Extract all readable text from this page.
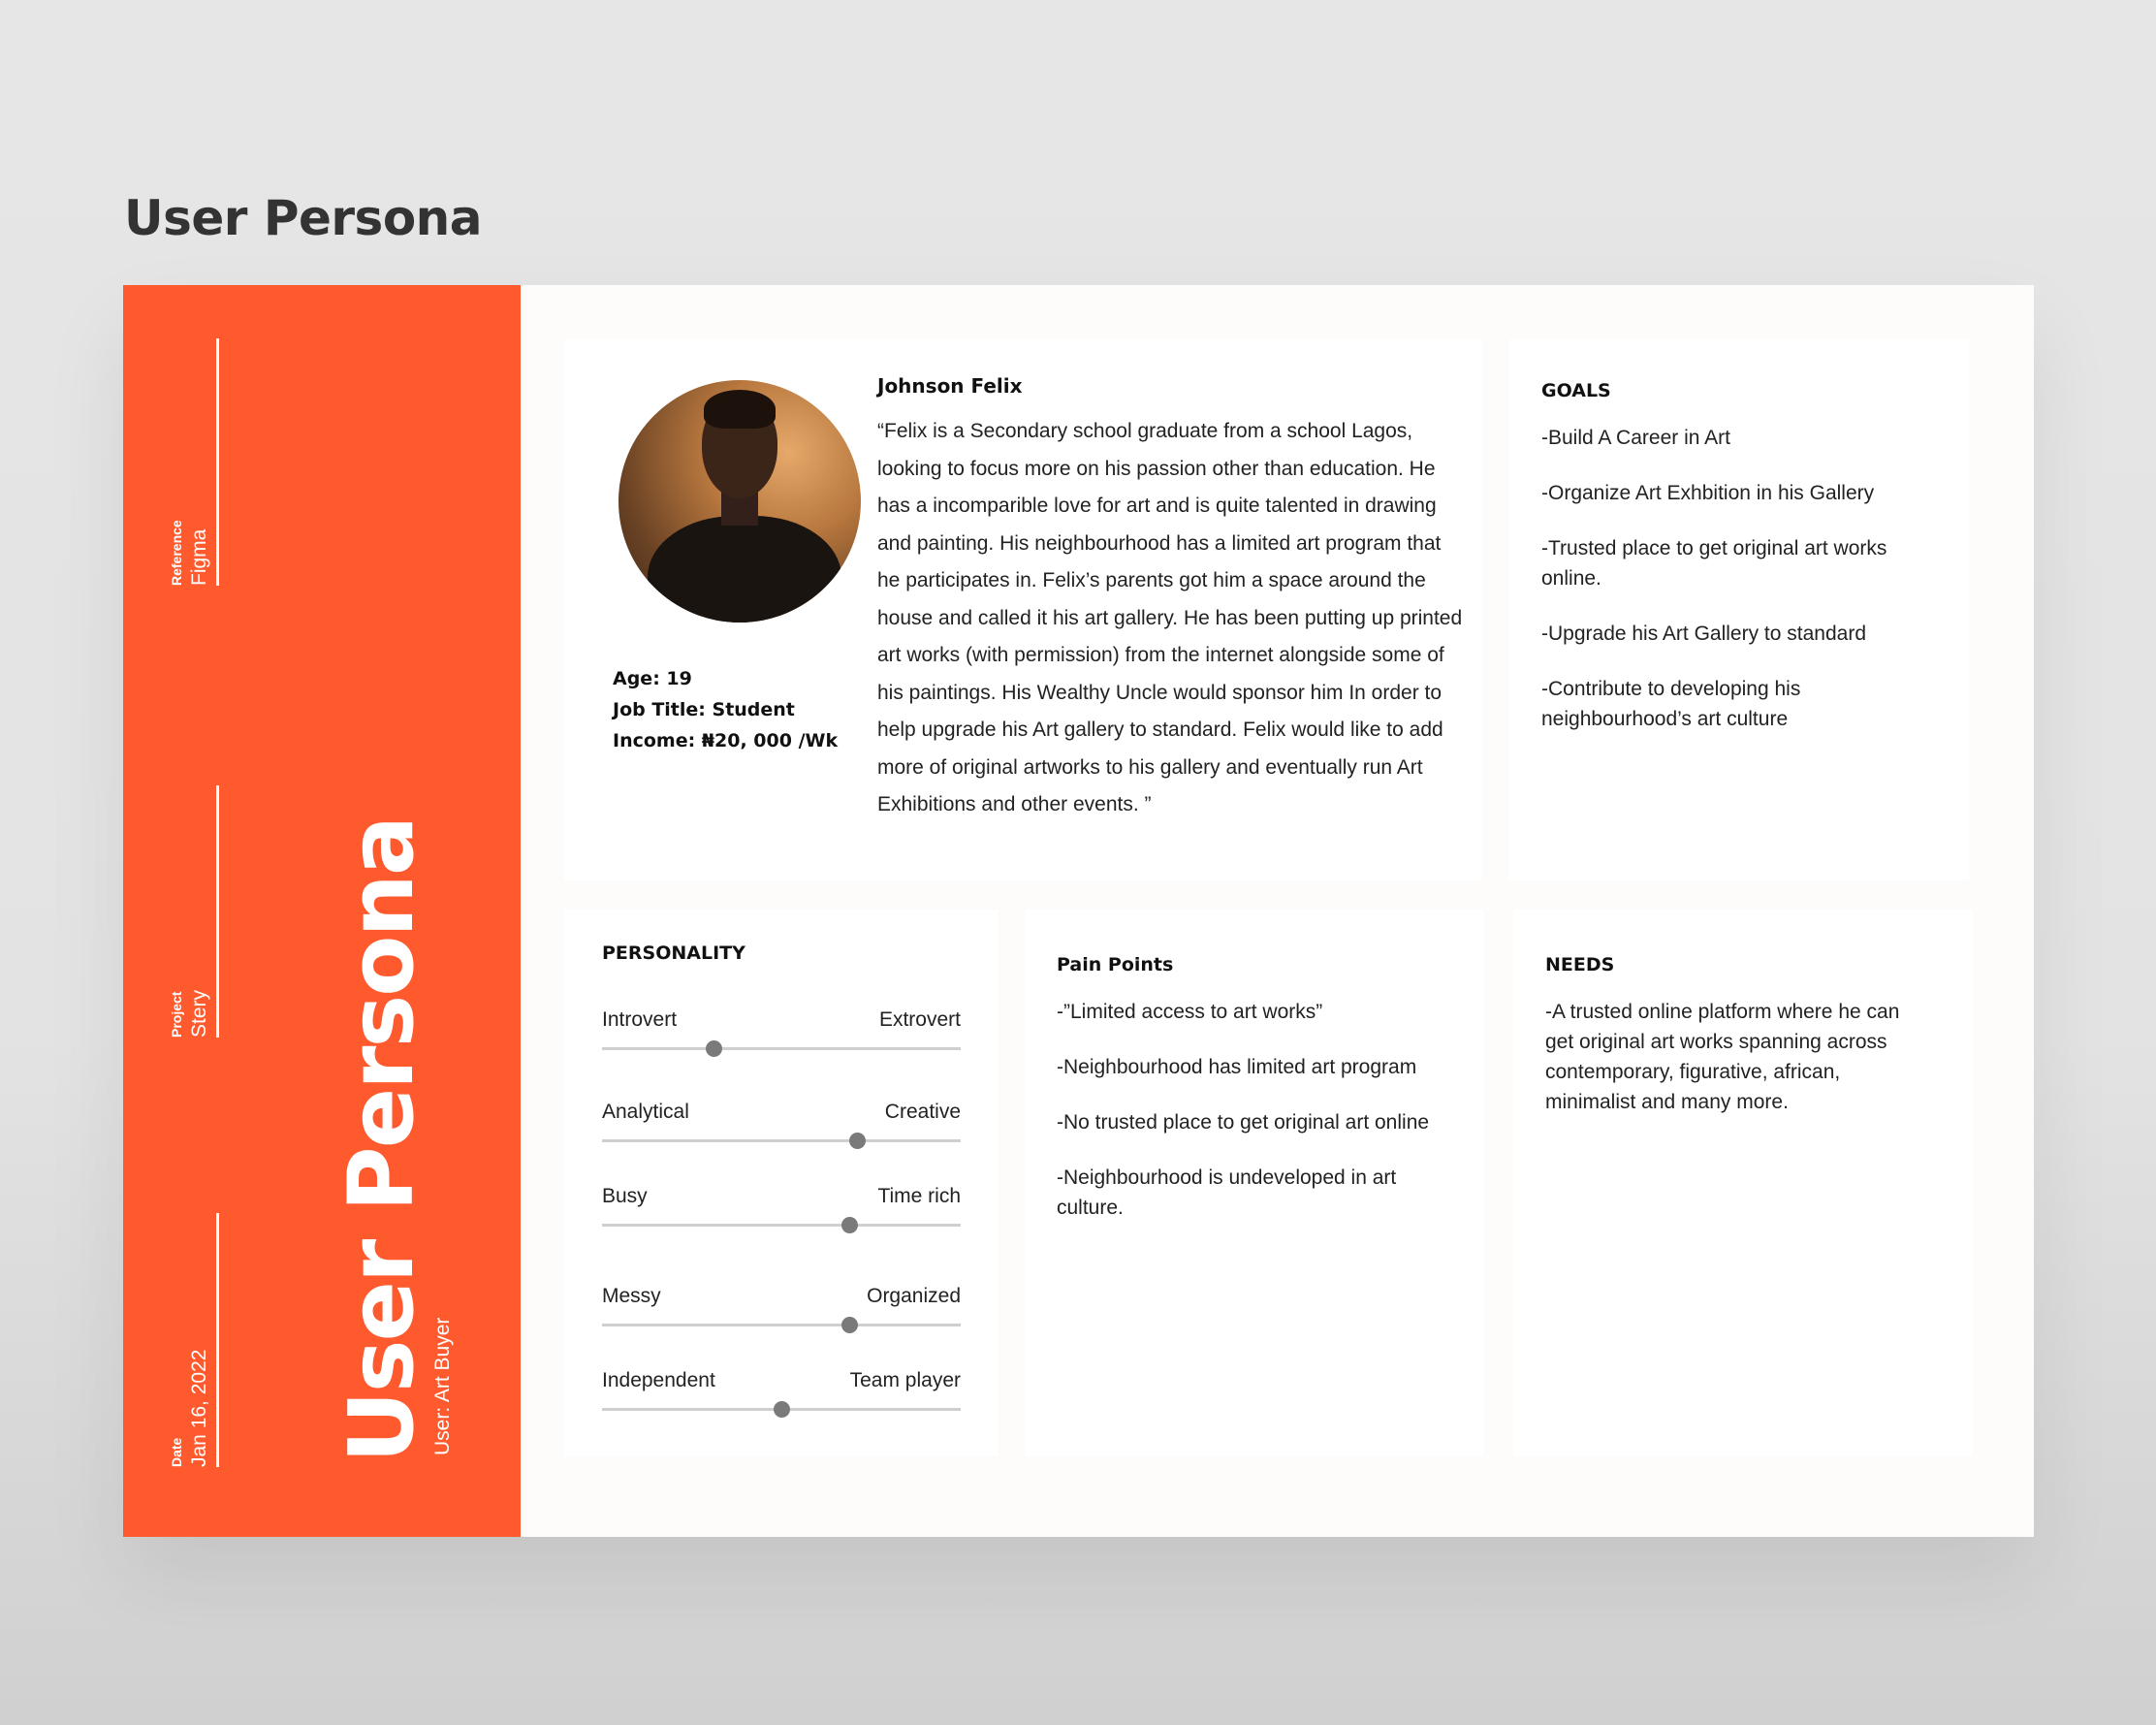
User Persona
Reference Figma
Project Stery
Date Jan 16, 2022 User Persona
User: Art Buyer
Age: 19
Job Title: Student
Income: ₦20, 000 /Wk
Johnson Felix
“Felix is a Secondary school graduate from a school Lagos, looking to focus more on his passion other than education. He has a incomparible love for art and is quite talented in drawing and painting. His neighbourhood has a limited art program that he participates in. Felix’s parents got him a space around the house and called it his art gallery. He has been putting up printed art works (with permission) from the internet alongside some of his paintings. His Wealthy Uncle would sponsor him In order to help upgrade his Art gallery to standard. Felix would like to add more of original artworks to his gallery and eventually run Art Exhibitions and other events. ”
GOALS
-Build A Career in Art
-Organize Art Exhbition in his Gallery
-Trusted place to get original art works online.
-Upgrade his Art Gallery to standard
-Contribute to developing his neighbourhood’s art culture
PERSONALITY
Introvert	Extrovert
Analytical	Creative
Busy	Time rich
Messy	Organized
Independent	Team player
Pain Points
-”Limited access to art works”
-Neighbourhood has limited art program
-No trusted place to get original art online
-Neighbourhood is undeveloped in art culture.
NEEDS
-A trusted online platform where he can get original art works spanning across contemporary, figurative, african, minimalist and many more.
